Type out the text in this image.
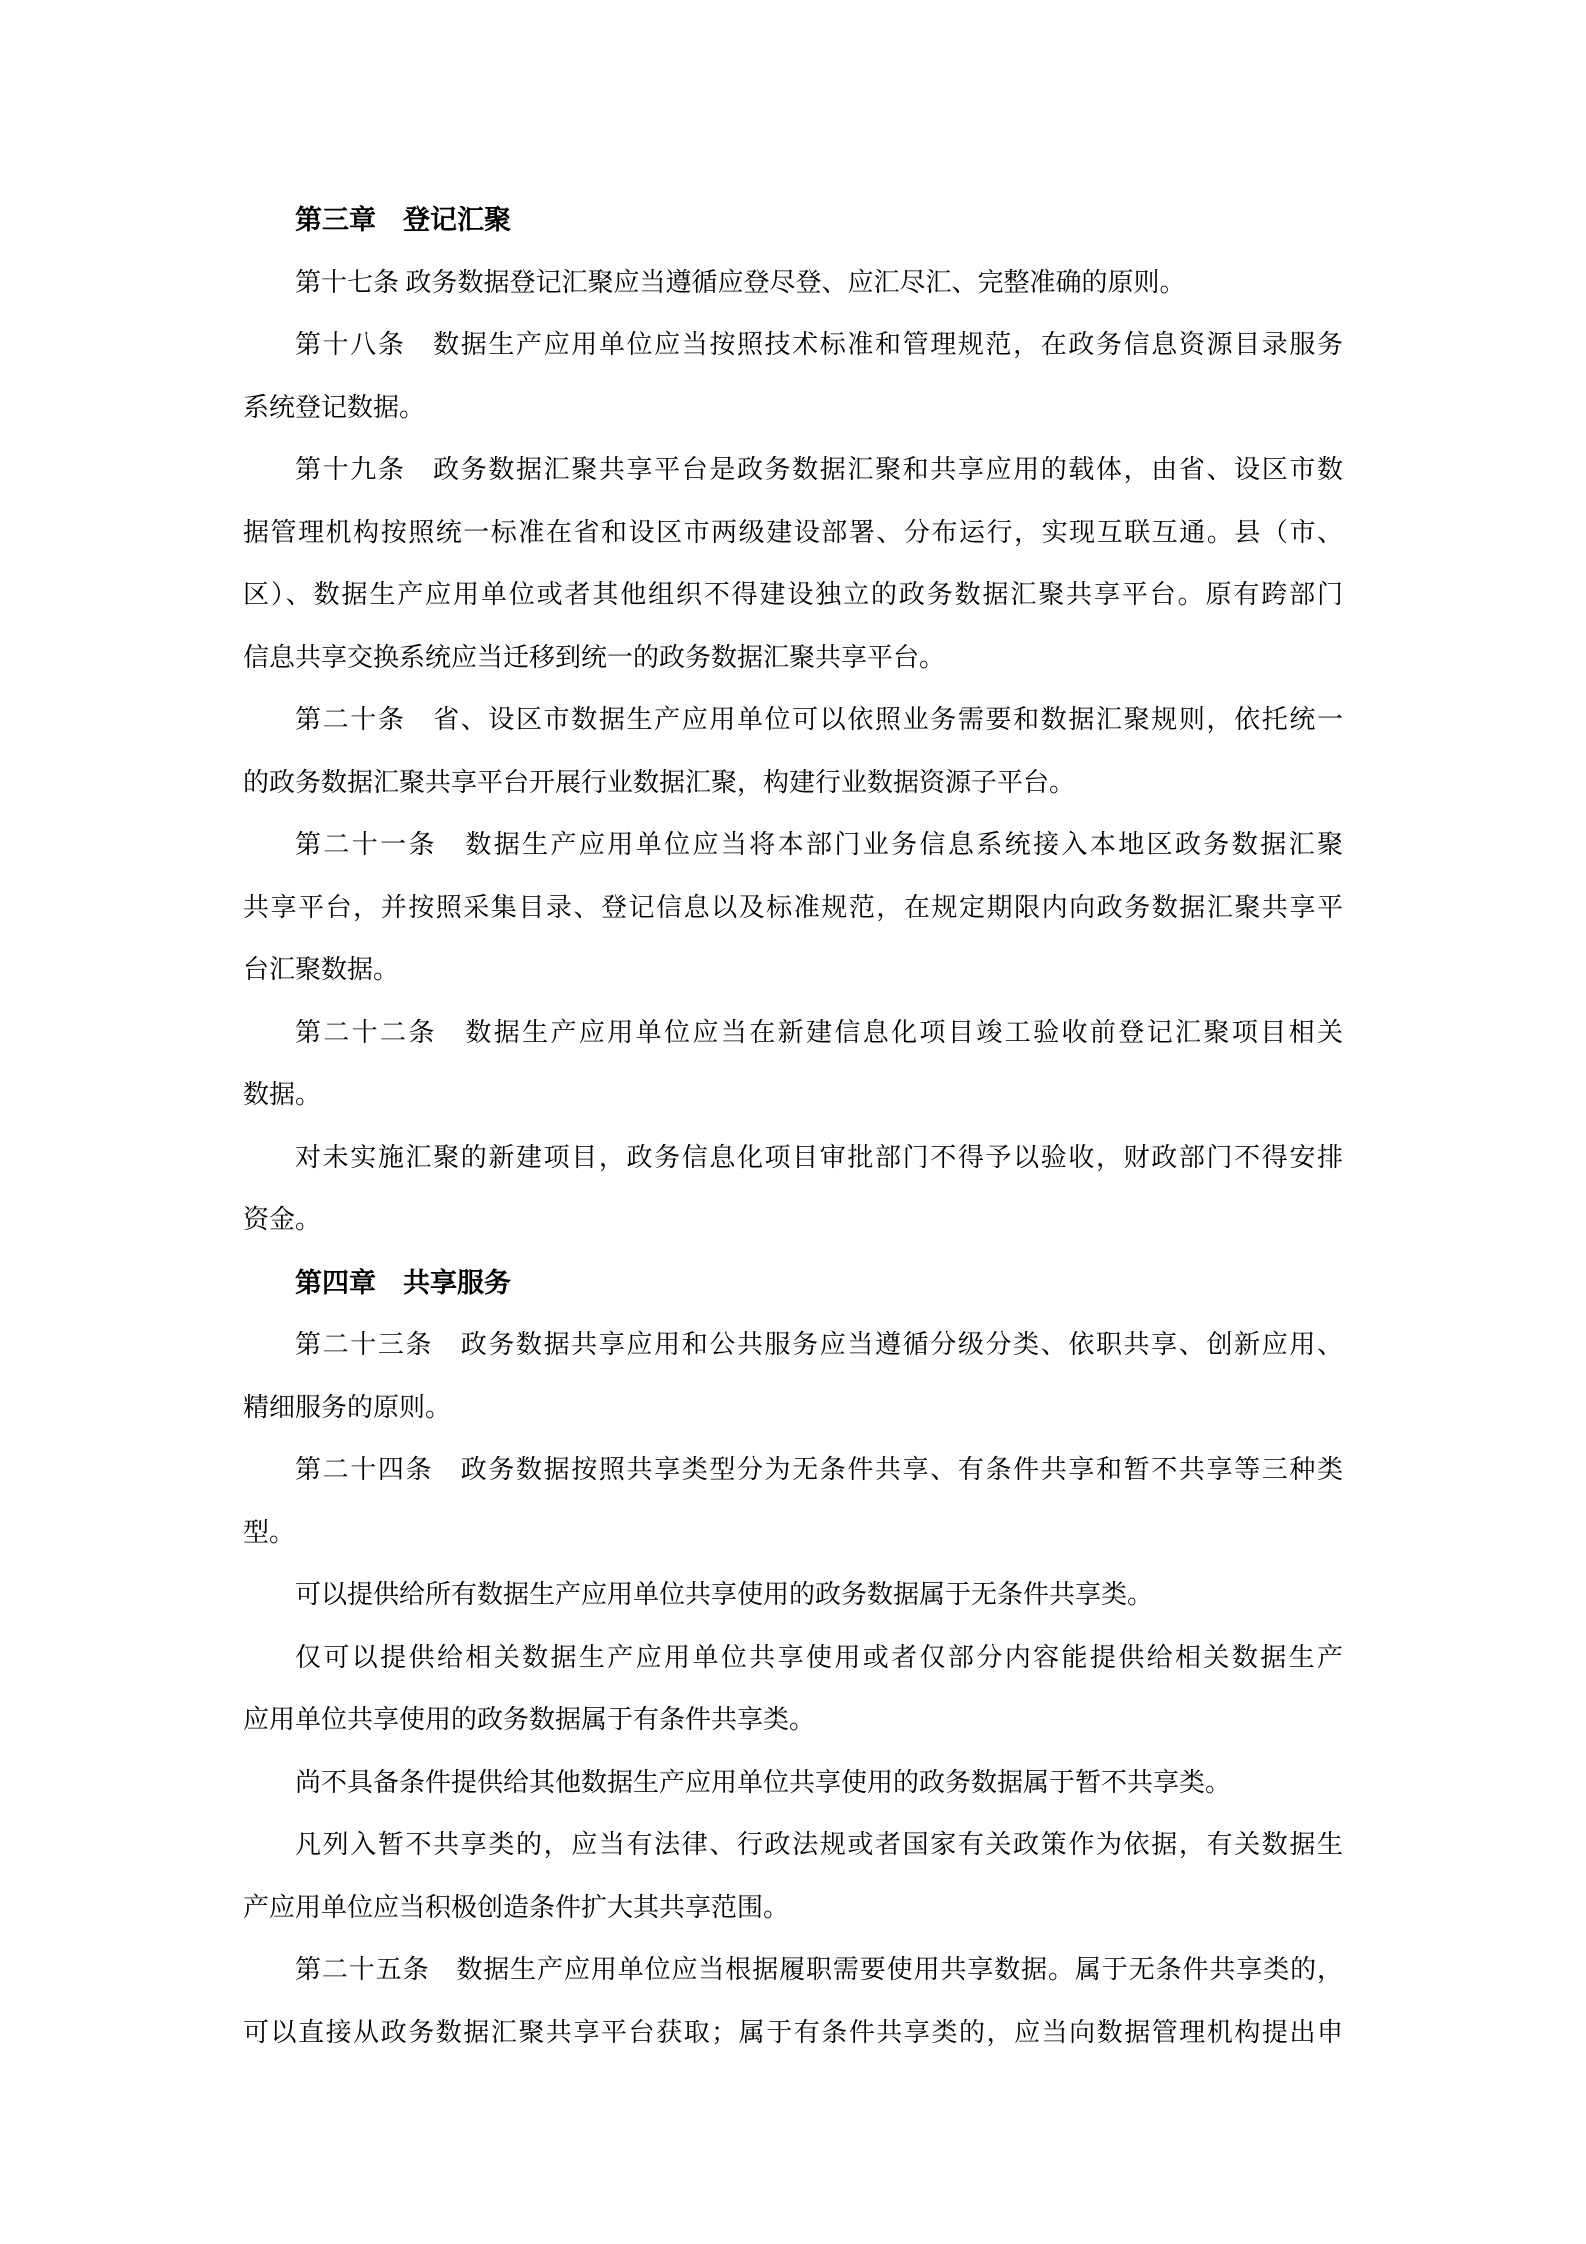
第三章　登记汇聚
第十七条 政务数据登记汇聚应当遵循应登尽登、应汇尽汇、完整准确的原则。
第十八条　数据生产应用单位应当按照技术标准和管理规范，在政务信息资源目录服务
系统登记数据。
第十九条　政务数据汇聚共享平台是政务数据汇聚和共享应用的载体，由省、设区市数
据管理机构按照统一标准在省和设区市两级建设部署、分布运行，实现互联互通。县（市、
区）、数据生产应用单位或者其他组织不得建设独立的政务数据汇聚共享平台。原有跨部门
信息共享交换系统应当迁移到统一的政务数据汇聚共享平台。
第二十条　省、设区市数据生产应用单位可以依照业务需要和数据汇聚规则，依托统一
的政务数据汇聚共享平台开展行业数据汇聚，构建行业数据资源子平台。
第二十一条　数据生产应用单位应当将本部门业务信息系统接入本地区政务数据汇聚
共享平台，并按照采集目录、登记信息以及标准规范，在规定期限内向政务数据汇聚共享平
台汇聚数据。
第二十二条　数据生产应用单位应当在新建信息化项目竣工验收前登记汇聚项目相关
数据。
对未实施汇聚的新建项目，政务信息化项目审批部门不得予以验收，财政部门不得安排
资金。
第四章　共享服务
第二十三条　政务数据共享应用和公共服务应当遵循分级分类、依职共享、创新应用、
精细服务的原则。
第二十四条　政务数据按照共享类型分为无条件共享、有条件共享和暂不共享等三种类
型。
可以提供给所有数据生产应用单位共享使用的政务数据属于无条件共享类。
仅可以提供给相关数据生产应用单位共享使用或者仅部分内容能提供给相关数据生产
应用单位共享使用的政务数据属于有条件共享类。
尚不具备条件提供给其他数据生产应用单位共享使用的政务数据属于暂不共享类。
凡列入暂不共享类的，应当有法律、行政法规或者国家有关政策作为依据，有关数据生
产应用单位应当积极创造条件扩大其共享范围。
第二十五条　数据生产应用单位应当根据履职需要使用共享数据。属于无条件共享类的，
可以直接从政务数据汇聚共享平台获取；属于有条件共享类的，应当向数据管理机构提出申
